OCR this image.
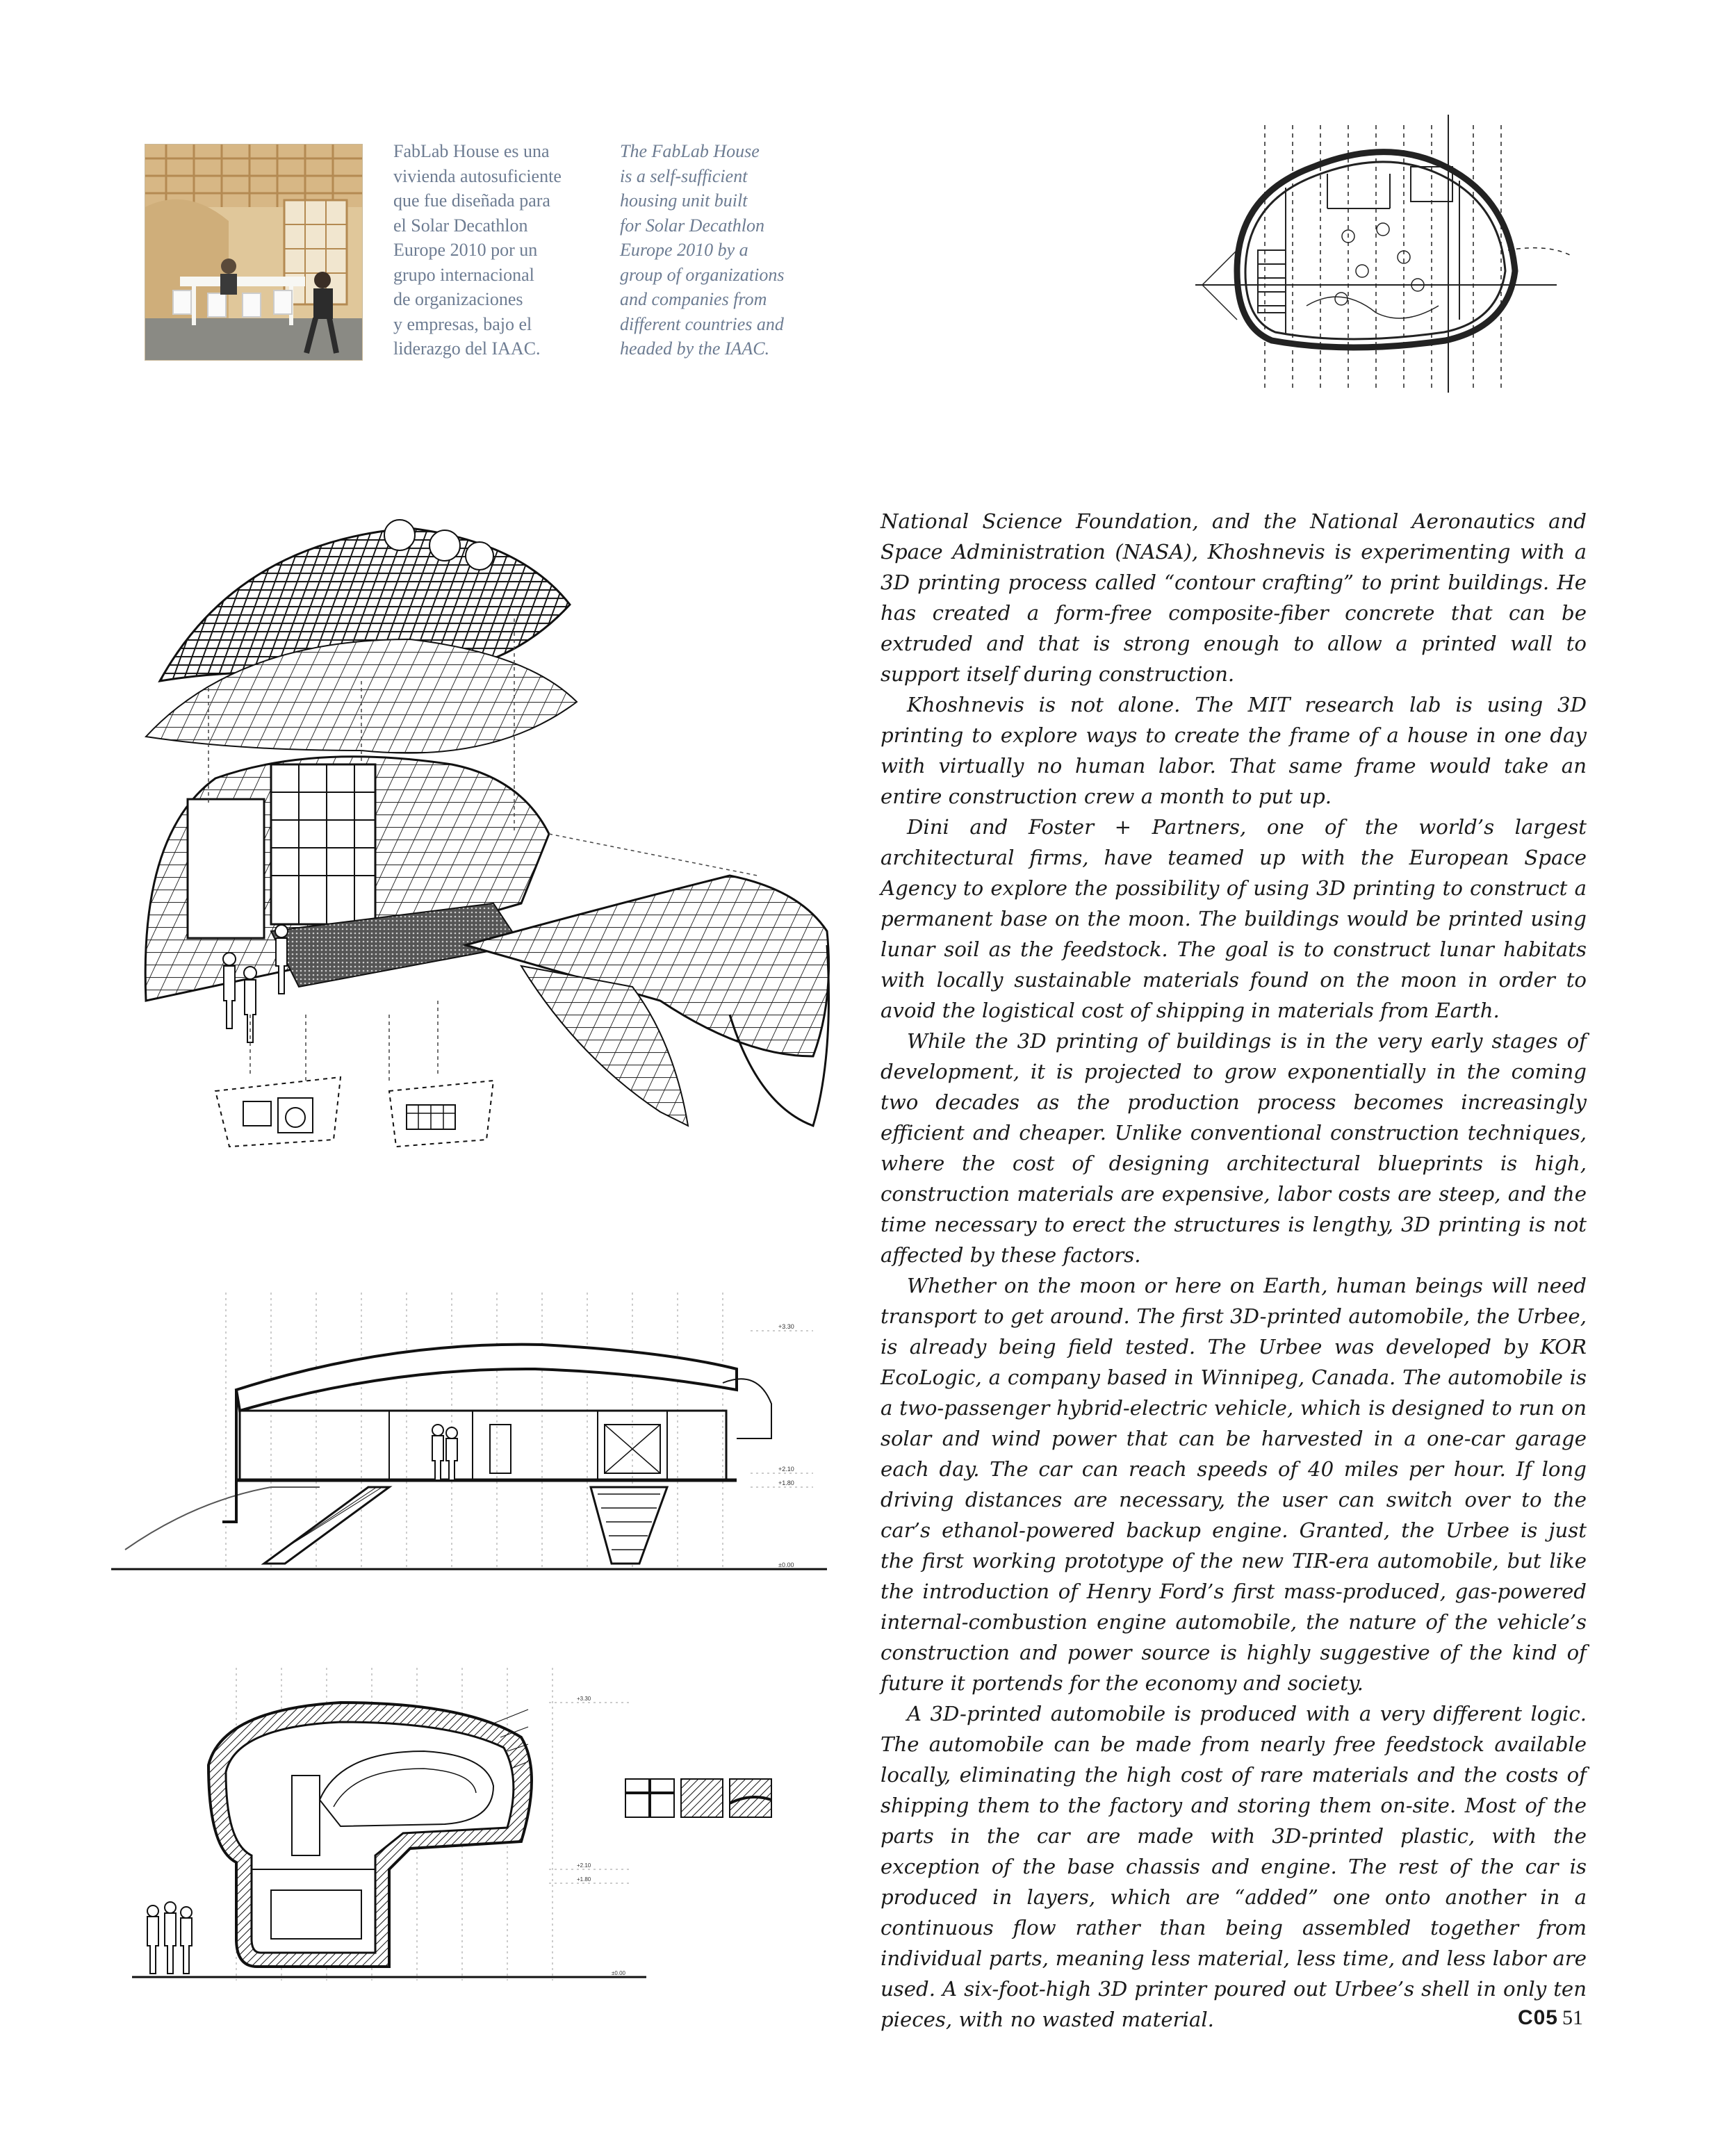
FabLab House es una
vivienda autosuficiente
que fue diseñada para
el Solar Decathlon
Europe 2010 por un
grupo internacional
de organizaciones
y empresas, bajo el
liderazgo del IAAC.
The FabLab House
is a self-sufficient
housing unit built
for Solar Decathlon
Europe 2010 by a
group of organizations
and companies from
different countries and
headed by the IAAC.
+3.30
+2.10
+1.80
±0.00
+3.30
+2.10
+1.80
±0.00

National Science Foundation, and the National Aeronautics and Space Administration (NASA), Khoshnevis is experimenting with a 3D printing process called “contour crafting” to print buildings. He has created a form-free composite-fiber concrete that can be extruded and that is strong enough to allow a printed wall to support itself during construction.

Khoshnevis is not alone. The MIT research lab is using 3D printing to explore ways to create the frame of a house in one day with virtually no human labor. That same frame would take an entire construction crew a month to put up.

Dini and Foster + Partners, one of the world’s largest architectural firms, have teamed up with the European Space Agency to explore the possibility of using 3D printing to construct a permanent base on the moon. The buildings would be printed using lunar soil as the feedstock. The goal is to construct lunar habitats with locally sustainable materials found on the moon in order to avoid the logistical cost of shipping in materials from Earth.

While the 3D printing of buildings is in the very early stages of development, it is projected to grow exponentially in the coming two decades as the production process becomes increasingly efficient and cheaper. Unlike conventional construction techniques, where the cost of designing architectural blueprints is high, construction materials are expensive, labor costs are steep, and the time necessary to erect the structures is lengthy, 3D printing is not affected by these factors.

Whether on the moon or here on Earth, human beings will need transport to get around. The first 3D-printed automobile, the Urbee, is already being field tested. The Urbee was developed by KOR EcoLogic, a company based in Winnipeg, Canada. The automobile is a two-passenger hybrid-electric vehicle, which is designed to run on solar and wind power that can be harvested in a one-car garage each day. The car can reach speeds of 40 miles per hour. If long driving distances are necessary, the user can switch over to the car’s ethanol-powered backup engine. Granted, the Urbee is just the first working prototype of the new TIR-era automobile, but like the introduction of Henry Ford’s first mass-produced, gas-powered internal-combustion engine automobile, the nature of the vehicle’s construction and power source is highly suggestive of the kind of future it portends for the economy and society.

A 3D-printed automobile is produced with a very different logic. The automobile can be made from nearly free feedstock available locally, eliminating the high cost of rare materials and the costs of shipping them to the factory and storing them on-site. Most of the parts in the car are made with 3D-printed plastic, with the exception of the base chassis and engine. The rest of the car is produced in layers, which are “added” one onto another in a continuous flow rather than being assembled together from individual parts, meaning less material, less time, and less labor are used. A six-foot-high 3D printer poured out Urbee’s shell in only ten pieces, with no wasted material.	C05 51
